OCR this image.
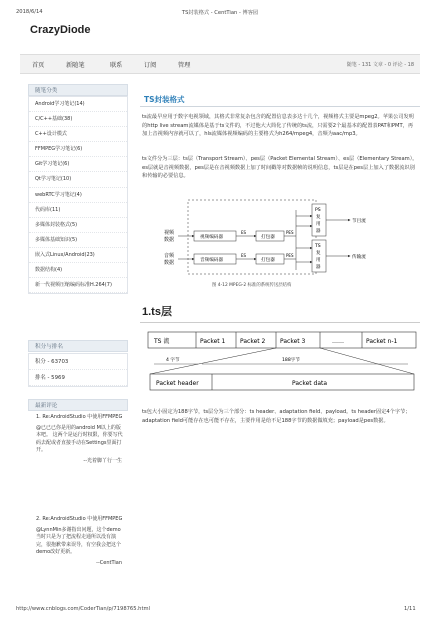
2018/6/14	TS封装格式 - CentTian - 博客园
CrazyDiode
首页	新随笔	联系	订阅	管理	随笔 - 131 文章 - 0 评论 - 18
随笔分类
Android学习笔记(14)
C/C++基础(38)
C++设计模式
FFMPEG学习笔记(6)
Git学习笔记(6)
Qt学习笔记(10)
webRTC学习笔记(4)
代码库(11)
多媒体封装格式(5)
多媒体基础知识(5)
嵌入式Linux/Android(23)
数据结构(4)
新一代视频压缩编码标准H.264(7)
积分与排名
积分 - 63703
排名 - 5969
最新评论
1. Re:AndroidStudio 中使用FFMPEG
@已已已你是用的android M以上的版本吧。 这两个是运行时权限，你要写代码去配或者直接手动在Settings里面打开。
--光着脚丫行一生
2. Re:AndroidStudio 中使用FFMPEG
@LynnMin多谢指出问题，这个demo当时只是为了把流程走通所以没有演完，很抱歉带来误导，有空我会把这个demo改好更新。
--CentTian
TS封装格式
ts流最早应用于数字电视领域，其格式非常复杂包含的配置信息表多达十几个，视频格式主要是mpeg2。苹果公司发明的http live stream流媒体是基于ts文件的，不过他大大简化了传统的ts流，只需要2个最基本的配置表PAT和PMT，再加上音视频内容就可以了，hls流媒体视频编码的主要格式为h264/mpeg4，音频为aac/mp3。
ts文件分为三层：ts层（Transport Stream）、pes层（Packet Elemental Stream）、es层（Elementary Stream）。es层就是音视频数据，pes层是在音视频数据上加了时间戳等对数据帧的说明信息，ts层是在pes层上加入了数据流识别和传输的必要信息。
视频
数据
音频
数据
视频编码器
音频编码器
ES
ES
打包器
打包器
PES
PES
PS
复
用
器
TS
复
用
器
节目流
传输流
图 4-12 MPEG-2 标准的系统传送层结构
1.ts层
TS 流	Packet 1 Packet 2 Packet 3	……	Packet n-1
4 字节	188字节
Packet header	Packet data
ts包大小固定为188字节，ts层分为三个部分：ts header、adaptation field、payload。ts header固定4个字节；adaptation field可能存在也可能不存在，主要作用是给不足188字节的数据做填充；payload是pes数据。
http://www.cnblogs.com/CoderTian/p/7198765.html	1/11
